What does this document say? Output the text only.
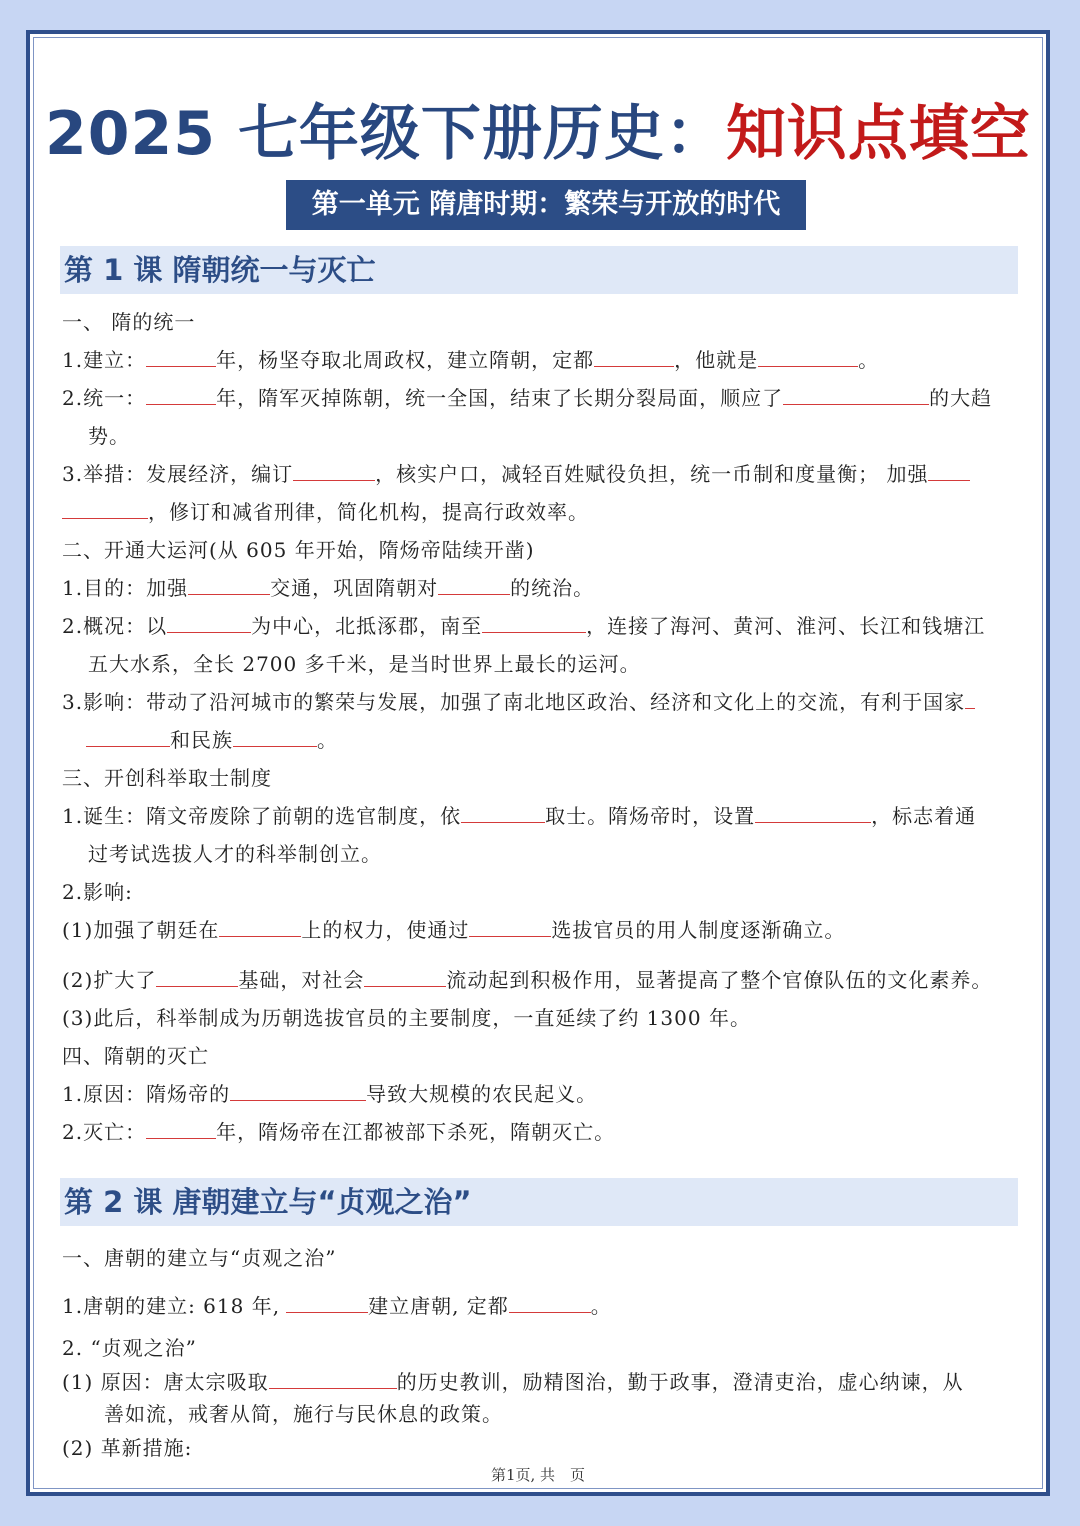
2025 七年级下册历史：知识点填空
第一单元 隋唐时期：繁荣与开放的时代
第 1 课 隋朝统一与灭亡
一、 隋的统一
1.建立：	年，杨坚夺取北周政权，建立隋朝，定都	，他就是	。
2.统一：	年，隋军灭掉陈朝，统一全国，结束了长期分裂局面，顺应了	的大趋
势。
3.举措：发展经济，编订	，核实户口，减轻百姓赋役负担，统一币制和度量衡； 加强
，修订和减省刑律，简化机构，提高行政效率。
二、开通大运河(从 605 年开始，隋炀帝陆续开凿)
1.目的：加强	交通，巩固隋朝对	的统治。
2.概况：以	为中心，北抵涿郡，南至	，连接了海河、黄河、淮河、长江和钱塘江
五大水系，全长 2700 多千米，是当时世界上最长的运河。
3.影响：带动了沿河城市的繁荣与发展，加强了南北地区政治、经济和文化上的交流，有利于国家
和民族	。
三、开创科举取士制度
1.诞生：隋文帝废除了前朝的选官制度，依	取士。隋炀帝时，设置	，标志着通
过考试选拔人才的科举制创立。
2.影响:
(1)加强了朝廷在	上的权力，使通过	选拔官员的用人制度逐渐确立。
(2)扩大了	基础，对社会	流动起到积极作用，显著提高了整个官僚队伍的文化素养。
(3)此后，科举制成为历朝选拔官员的主要制度，一直延续了约 1300 年。
四、隋朝的灭亡
1.原因：隋炀帝的	导致大规模的农民起义。
2.灭亡：	年，隋炀帝在江都被部下杀死，隋朝灭亡。
第 2 课 唐朝建立与“贞观之治”
一、唐朝的建立与“贞观之治”
1.唐朝的建立: 618 年,	建立唐朝, 定都	。
2. “贞观之治”
(1) 原因：唐太宗吸取	的历史教训，励精图治，勤于政事，澄清吏治，虚心纳谏，从
善如流，戒奢从简，施行与民休息的政策。
(2) 革新措施:
第1页, 共　页
